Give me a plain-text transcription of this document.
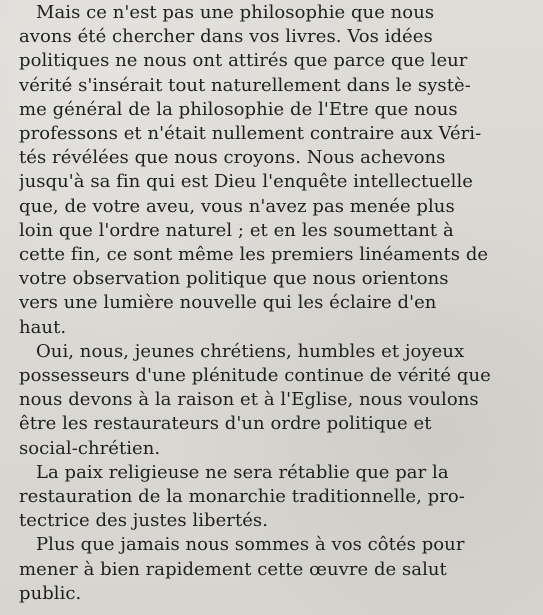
Mais ce n'est pas une philosophie que nous
avons été chercher dans vos livres. Vos idées
politiques ne nous ont attirés que parce que leur
vérité s'insérait tout naturellement dans le systè-
me général de la philosophie de l'Etre que nous
professons et n'était nullement contraire aux Véri-
tés révélées que nous croyons. Nous achevons
jusqu'à sa fin qui est Dieu l'enquête intellectuelle
que, de votre aveu, vous n'avez pas menée plus
loin que l'ordre naturel ; et en les soumettant à
cette fin, ce sont même les premiers linéaments de
votre observation politique que nous orientons
vers une lumière nouvelle qui les éclaire d'en
haut.

Oui, nous, jeunes chrétiens, humbles et joyeux
possesseurs d'une plénitude continue de vérité que
nous devons à la raison et à l'Eglise, nous voulons
être les restaurateurs d'un ordre politique et
social-chrétien.

La paix religieuse ne sera rétablie que par la
restauration de la monarchie traditionnelle, pro-
tectrice des justes libertés.

Plus que jamais nous sommes à vos côtés pour
mener à bien rapidement cette œuvre de salut
public.
